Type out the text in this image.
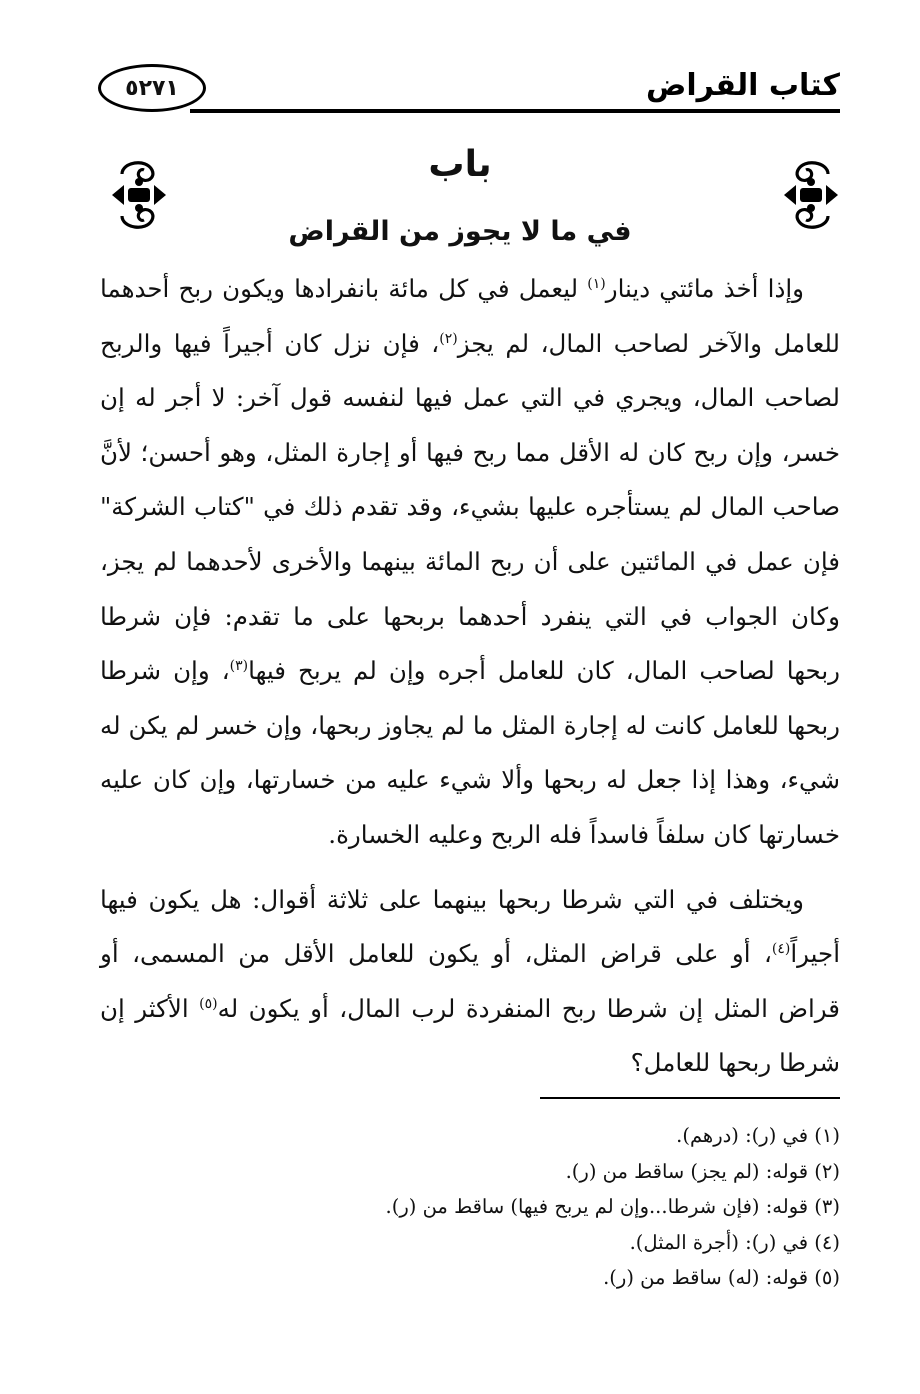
كتاب القراض
٥٢٧١
باب
في ما لا يجوز من القراض

وإذا أخذ مائتي دينار$^{(١)}$ ليعمل في كل مائة بانفرادها ويكون ربح أحدهما للعامل والآخر لصاحب المال، لم يجز$^{(٢)}$، فإن نزل كان أجيراً فيها والربح لصاحب المال، ويجري في التي عمل فيها لنفسه قول آخر: لا أجر له إن خسر، وإن ربح كان له الأقل مما ربح فيها أو إجارة المثل، وهو أحسن؛ لأنَّ صاحب المال لم يستأجره عليها بشيء، وقد تقدم ذلك في "كتاب الشركة" فإن عمل في المائتين على أن ربح المائة بينهما والأخرى لأحدهما لم يجز، وكان الجواب في التي ينفرد أحدهما بربحها على ما تقدم: فإن شرطا ربحها لصاحب المال، كان للعامل أجره وإن لم يربح فيها$^{(٣)}$، وإن شرطا ربحها للعامل كانت له إجارة المثل ما لم يجاوز ربحها، وإن خسر لم يكن له شيء، وهذا إذا جعل له ربحها وألا شيء عليه من خسارتها، وإن كان عليه خسارتها كان سلفاً فاسداً فله الربح وعليه الخسارة.

ويختلف في التي شرطا ربحها بينهما على ثلاثة أقوال: هل يكون فيها أجيراً$^{(٤)}$، أو على قراض المثل، أو يكون للعامل الأقل من المسمى، أو قراض المثل إن شرطا ربح المنفردة لرب المال، أو يكون له$^{(٥)}$ الأكثر إن شرطا ربحها للعامل؟

(١) في (ر): (درهم).
(٢) قوله: (لم يجز) ساقط من (ر).
(٣) قوله: (فإن شرطا...وإن لم يربح فيها) ساقط من (ر).
(٤) في (ر): (أجرة المثل).
(٥) قوله: (له) ساقط من (ر).
